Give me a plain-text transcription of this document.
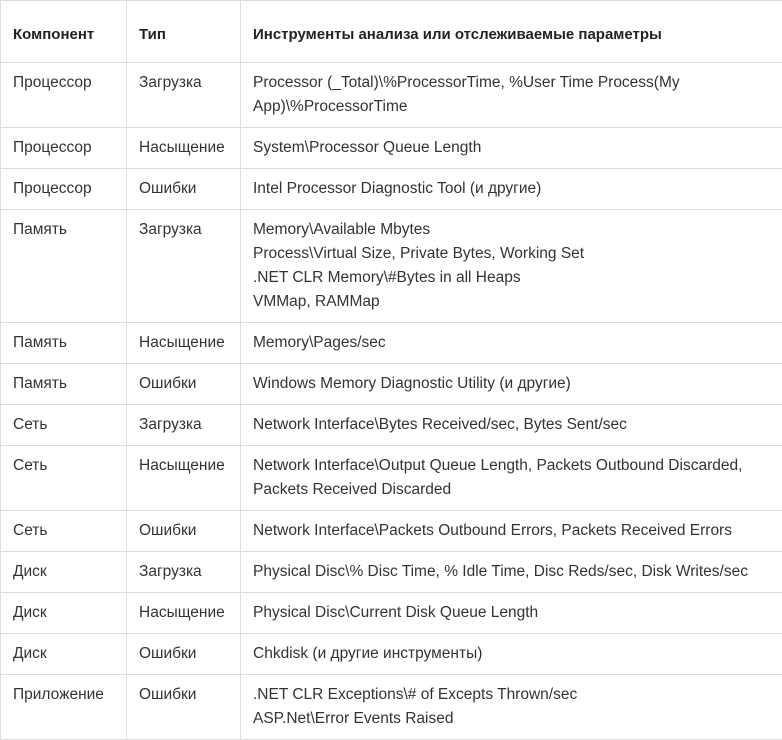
Компонент	Тип	Инструменты анализа или отслеживаемые параметры
Процессор	Загрузка	Processor (_Total)\%ProcessorTime, %User Time Process(My App)\%ProcessorTime

Процессор	Насыщение	System\Processor Queue Length

Процессор	Ошибки	Intel Processor Diagnostic Tool (и другие)

Память	Загрузка	Memory\Available Mbytes
Process\Virtual Size, Private Bytes, Working Set
.NET CLR Memory\#Bytes in all Heaps
VMMap, RAMMap

Память	Насыщение	Memory\Pages/sec

Память	Ошибки	Windows Memory Diagnostic Utility (и другие)

Сеть	Загрузка	Network Interface\Bytes Received/sec, Bytes Sent/sec

Сеть	Насыщение	Network Interface\Output Queue Length, Packets Outbound Discarded, Packets Received Discarded

Сеть	Ошибки	Network Interface\Packets Outbound Errors, Packets Received Errors

Диск	Загрузка	Physical Disc\% Disc Time, % Idle Time, Disc Reds/sec, Disk Writes/sec

Диск	Насыщение	Physical Disc\Current Disk Queue Length

Диск	Ошибки	Chkdisk (и другие инструменты)

Приложение	Ошибки	.NET CLR Exceptions\# of Excepts Thrown/sec
ASP.Net\Error Events Raised
